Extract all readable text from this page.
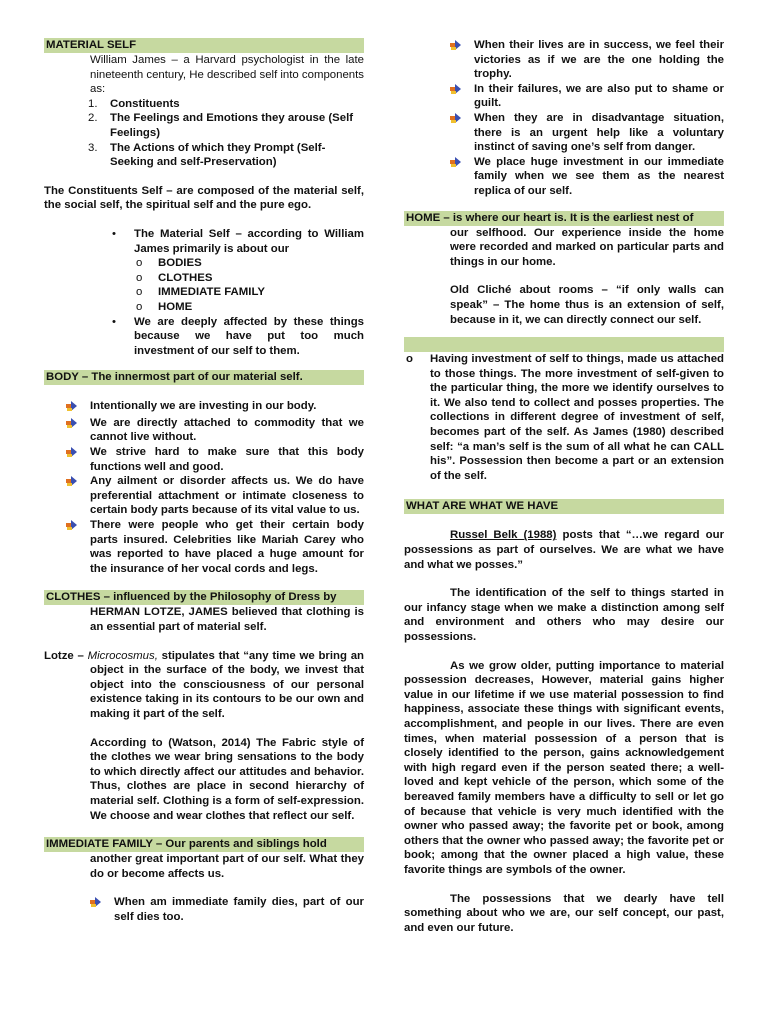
MATERIAL SELF

William James – a Harvard psychologist in the late nineteenth century, He described self into components as:

1.	Constituents
2.	The Feelings and Emotions they arouse (Self Feelings)
3.	The Actions of which they Prompt (Self-Seeking and self-Preservation)

The Constituents Self – are composed of the material self, the social self, the spiritual self and the pure ego.

•	The Material Self – according to William James primarily is about our
o	BODIES
o	CLOTHES
o	IMMEDIATE FAMILY
o	HOME
•	We are deeply affected by these things because we have put too much investment of our self to them.
BODY – The innermost part of our material self.
Intentionally we are investing in our body.
We are directly attached to commodity that we cannot live without.
We strive hard to make sure that this body functions well and good.
Any ailment or disorder affects us. We do have preferential attachment or intimate closeness to certain body parts because of its vital value to us.
There were people who get their certain body parts insured. Celebrities like Mariah Carey who was reported to have placed a huge amount for the insurance of her vocal cords and legs.
CLOTHES – influenced by the Philosophy of Dress by

HERMAN LOTZE, JAMES believed that clothing is an essential part of material self.

Lotze – Microcosmus, stipulates that “any time we bring an object in the surface of the body, we invest that object into the consciousness of our personal existence taking in its contours to be our own and making it part of the self.

According to (Watson, 2014) The Fabric style of the clothes we wear bring sensations to the body to which directly affect our attitudes and behavior. Thus, clothes are place in second hierarchy of material self. Clothing is a form of self-expression. We choose and wear clothes that reflect our self.

IMMEDIATE FAMILY – Our parents and siblings hold

another great important part of our self. What they do or become affects us.

When am immediate family dies, part of our self dies too.
When their lives are in success, we feel their victories as if we are the one holding the trophy.
In their failures, we are also put to shame or guilt.
When they are in disadvantage situation, there is an urgent help like a voluntary instinct of saving one’s self from danger.
We place huge investment in our immediate family when we see them as the nearest replica of our self.
HOME – is where our heart is. It is the earliest nest of

our selfhood. Our experience inside the home were recorded and marked on particular parts and things in our home.

Old Cliché about rooms – “if only walls can speak” – The home thus is an extension of self, because in it, we can directly connect our self.

o	Having investment of self to things, made us attached to those things. The more investment of self-given to the particular thing, the more we identify ourselves to it. We also tend to collect and posses properties. The collections in different degree of investment of self, becomes part of the self. As James (1980) described self: “a man’s self is the sum of all what he can CALL his”. Possession then become a part or an extension of the self.
WHAT ARE WHAT WE HAVE

Russel Belk (1988) posts that “…we regard our possessions as part of ourselves. We are what we have and what we posses.”

The identification of the self to things started in our infancy stage when we make a distinction among self and environment and others who may desire our possessions.

As we grow older, putting importance to material possession decreases, However, material gains higher value in our lifetime if we use material possession to find happiness, associate these things with significant events, accomplishment, and people in our lives. There are even times, when material possession of a person that is closely identified to the person, gains acknowledgement with high regard even if the person seated there; a well-loved and kept vehicle of the person, which some of the bereaved family members have a difficulty to sell or let go of because that vehicle is very much identified with the owner who passed away; the favorite pet or book, among others that the owner who passed away; the favorite pet or book; among that the owner placed a high value, these favorite things are symbols of the owner.

The possessions that we dearly have tell something about who we are, our self concept, our past, and even our future.
